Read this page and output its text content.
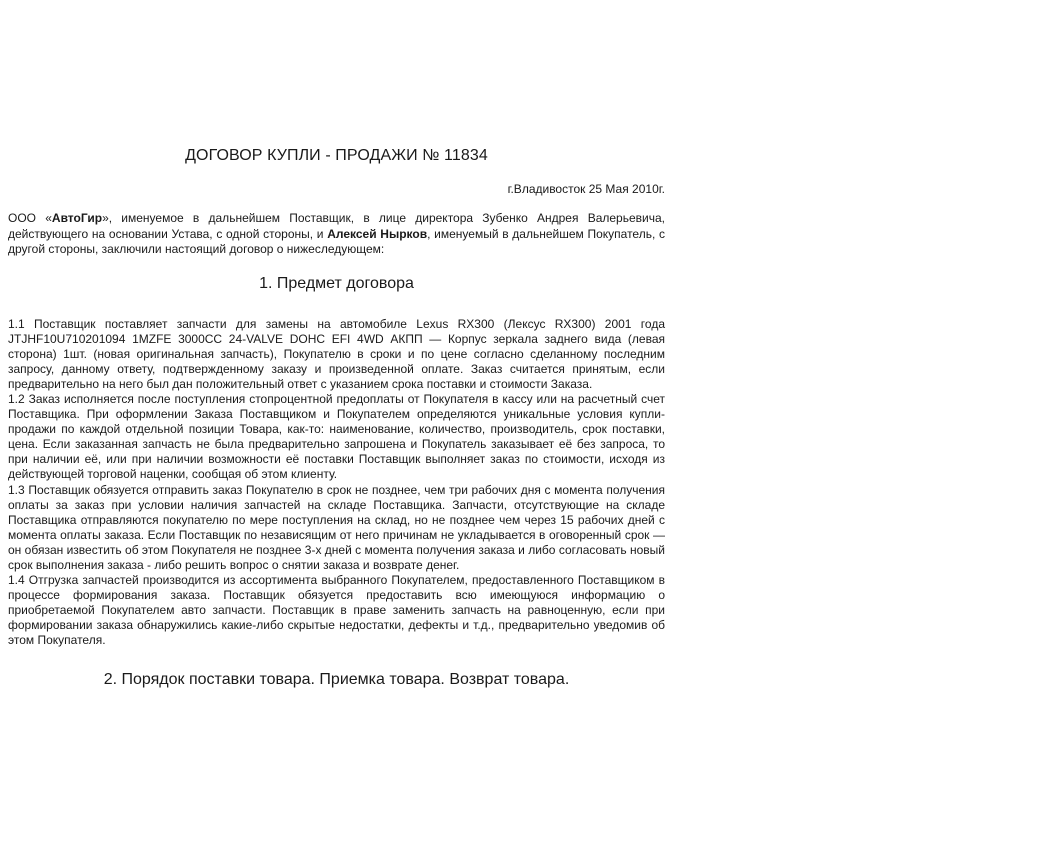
ДОГОВОР КУПЛИ - ПРОДАЖИ № 11834

г.Владивосток 25 Мая 2010г.

ООО «АвтоГир», именуемое в дальнейшем Поставщик, в лице директора Зубенко Андрея Валерьевича, действующего на основании Устава, с одной стороны, и Алексей Нырков, именуемый в дальнейшем Покупатель, с другой стороны, заключили настоящий договор о нижеследующем:

1. Предмет договора

1.1 Поставщик поставляет запчасти для замены на автомобиле Lexus RX300 (Лексус RX300) 2001 года JTJHF10U710201094 1MZFE 3000CC 24-VALVE DOHC EFI 4WD АКПП — Корпус зеркала заднего вида (левая сторона) 1шт. (новая оригинальная запчасть), Покупателю в сроки и по цене согласно сделанному последним запросу, данному ответу, подтвержденному заказу и произведенной оплате. Заказ считается принятым, если предварительно на него был дан положительный ответ с указанием срока поставки и стоимости Заказа.

1.2 Заказ исполняется после поступления стопроцентной предоплаты от Покупателя в кассу или на расчетный счет Поставщика. При оформлении Заказа Поставщиком и Покупателем определяются уникальные условия купли-продажи по каждой отдельной позиции Товара, как-то: наименование, количество, производитель, срок поставки, цена. Если заказанная запчасть не была предварительно запрошена и Покупатель заказывает её без запроса, то при наличии её, или при наличии возможности её поставки Поставщик выполняет заказ по стоимости, исходя из действующей торговой наценки, сообщая об этом клиенту.

1.3 Поставщик обязуется отправить заказ Покупателю в срок не позднее, чем три рабочих дня с момента получения оплаты за заказ при условии наличия запчастей на складе Поставщика. Запчасти, отсутствующие на складе Поставщика отправляются покупателю по мере поступления на склад, но не позднее чем через 15 рабочих дней с момента оплаты заказа. Если Поставщик по независящим от него причинам не укладывается в оговоренный срок — он обязан известить об этом Покупателя не позднее 3-х дней с момента получения заказа и либо согласовать новый срок выполнения заказа - либо решить вопрос о снятии заказа и возврате денег.

1.4 Отгрузка запчастей производится из ассортимента выбранного Покупателем, предоставленного Поставщиком в процессе формирования заказа. Поставщик обязуется предоставить всю имеющуюся информацию о приобретаемой Покупателем авто запчасти. Поставщик в праве заменить запчасть на равноценную, если при формировании заказа обнаружились какие-либо скрытые недостатки, дефекты и т.д., предварительно уведомив об этом Покупателя.

2. Порядок поставки товара. Приемка товара. Возврат товара.
